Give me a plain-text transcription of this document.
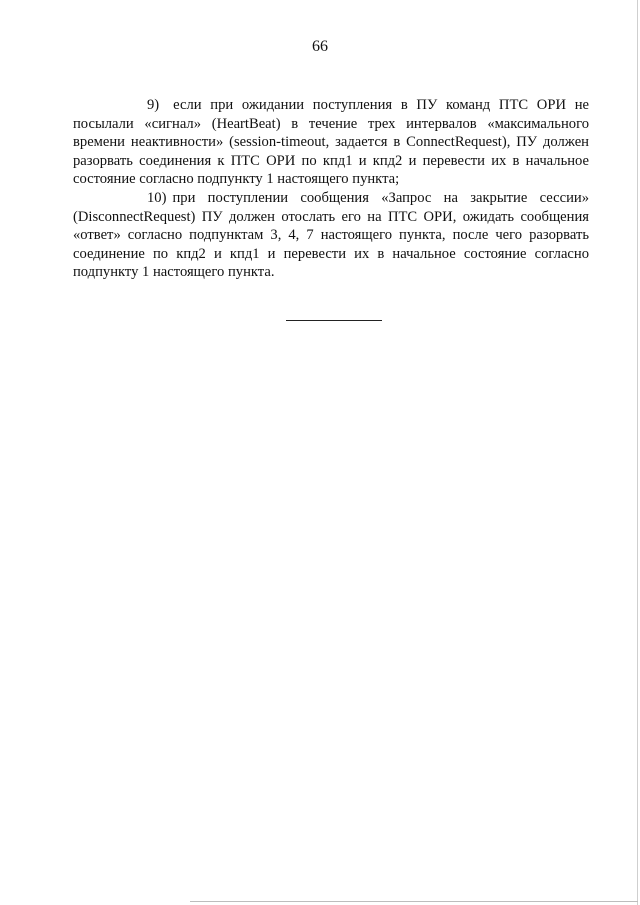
66

9) если при ожидании поступления в ПУ команд ПТС ОРИ не посылали «сигнал» (HeartBeat) в течение трех интервалов «максимального времени неактивности» (session-timeout, задается в ConnectRequest), ПУ должен разорвать соединения к ПТС ОРИ по кпд1 и кпд2 и перевести их в начальное состояние согласно подпункту 1 настоящего пункта;

10) при поступлении сообщения «Запрос на закрытие сессии» (DisconnectRequest) ПУ должен отослать его на ПТС ОРИ, ожидать сообщения «ответ» согласно подпунктам 3, 4, 7 настоящего пункта, после чего разорвать соединение по кпд2 и кпд1 и перевести их в начальное состояние согласно подпункту 1 настоящего пункта.
